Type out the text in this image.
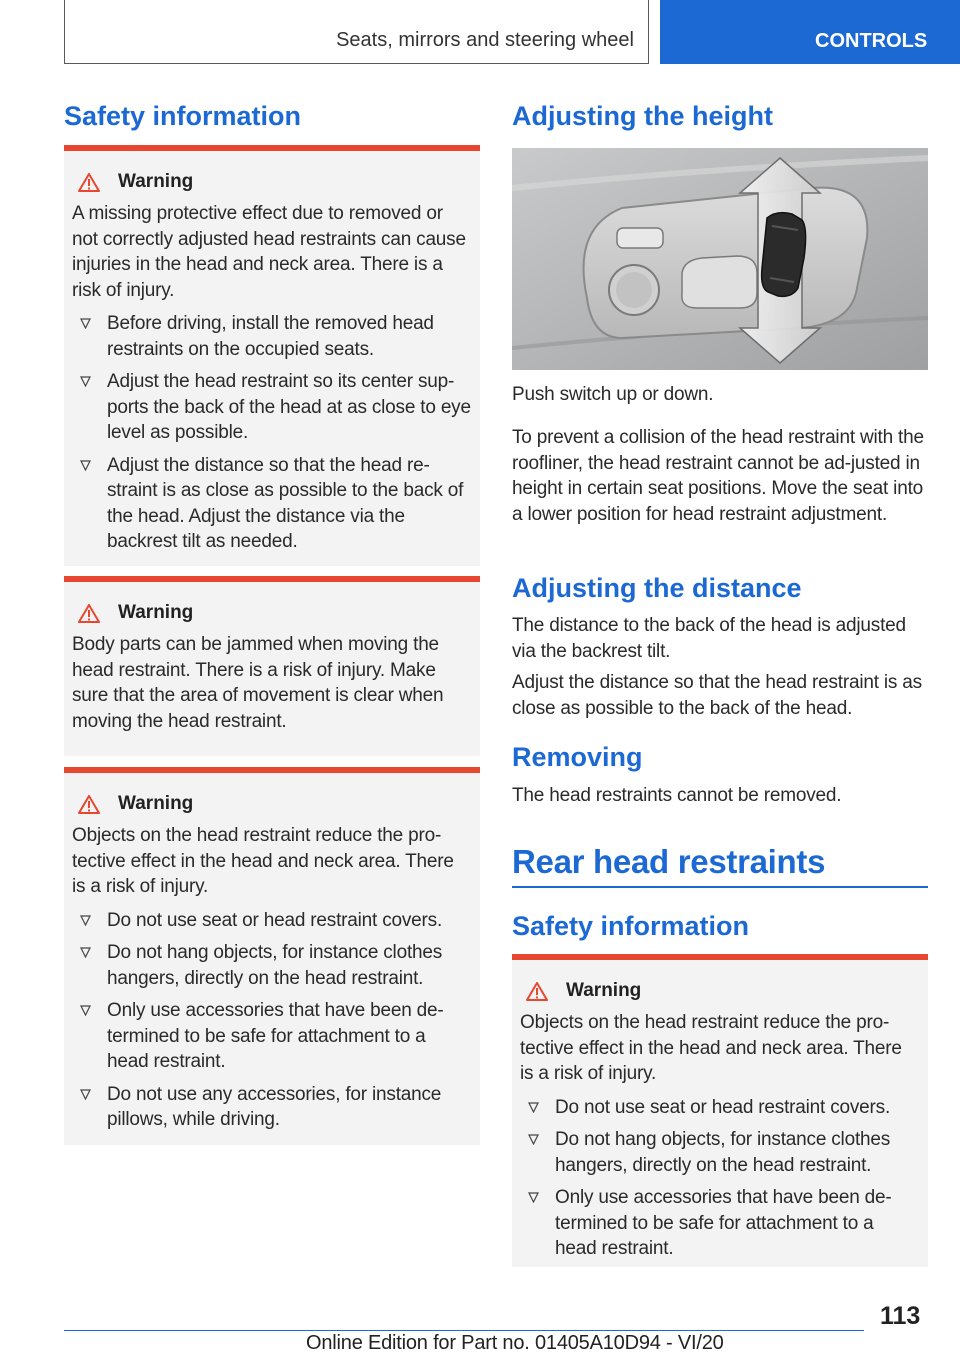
Seats, mirrors and steering wheel	CONTROLS
Safety information
Warning

A missing protective effect due to removed or not correctly adjusted head restraints can cause injuries in the head and neck area. There is a risk of injury.

Before driving, install the removed head restraints on the occupied seats.
Adjust the head restraint so its center sup-ports the back of the head at as close to eye level as possible.
Adjust the distance so that the head re-straint is as close as possible to the back of the head. Adjust the distance via the backrest tilt as needed.
Warning

Body parts can be jammed when moving the head restraint. There is a risk of injury. Make sure that the area of movement is clear when moving the head restraint.

Warning

Objects on the head restraint reduce the pro-tective effect in the head and neck area. There is a risk of injury.

Do not use seat or head restraint covers.
Do not hang objects, for instance clothes hangers, directly on the head restraint.
Only use accessories that have been de-termined to be safe for attachment to a head restraint.
Do not use any accessories, for instance pillows, while driving.
Adjusting the height

Push switch up or down.

To prevent a collision of the head restraint with the roofliner, the head restraint cannot be ad-justed in height in certain seat positions. Move the seat into a lower position for head restraint adjustment.

Adjusting the distance

The distance to the back of the head is adjusted via the backrest tilt.

Adjust the distance so that the head restraint is as close as possible to the back of the head.

Removing

The head restraints cannot be removed.

Rear head restraints
Safety information
Warning

Objects on the head restraint reduce the pro-tective effect in the head and neck area. There is a risk of injury.

Do not use seat or head restraint covers.
Do not hang objects, for instance clothes hangers, directly on the head restraint.
Only use accessories that have been de-termined to be safe for attachment to a head restraint.
113
Online Edition for Part no. 01405A10D94 - VI/20
